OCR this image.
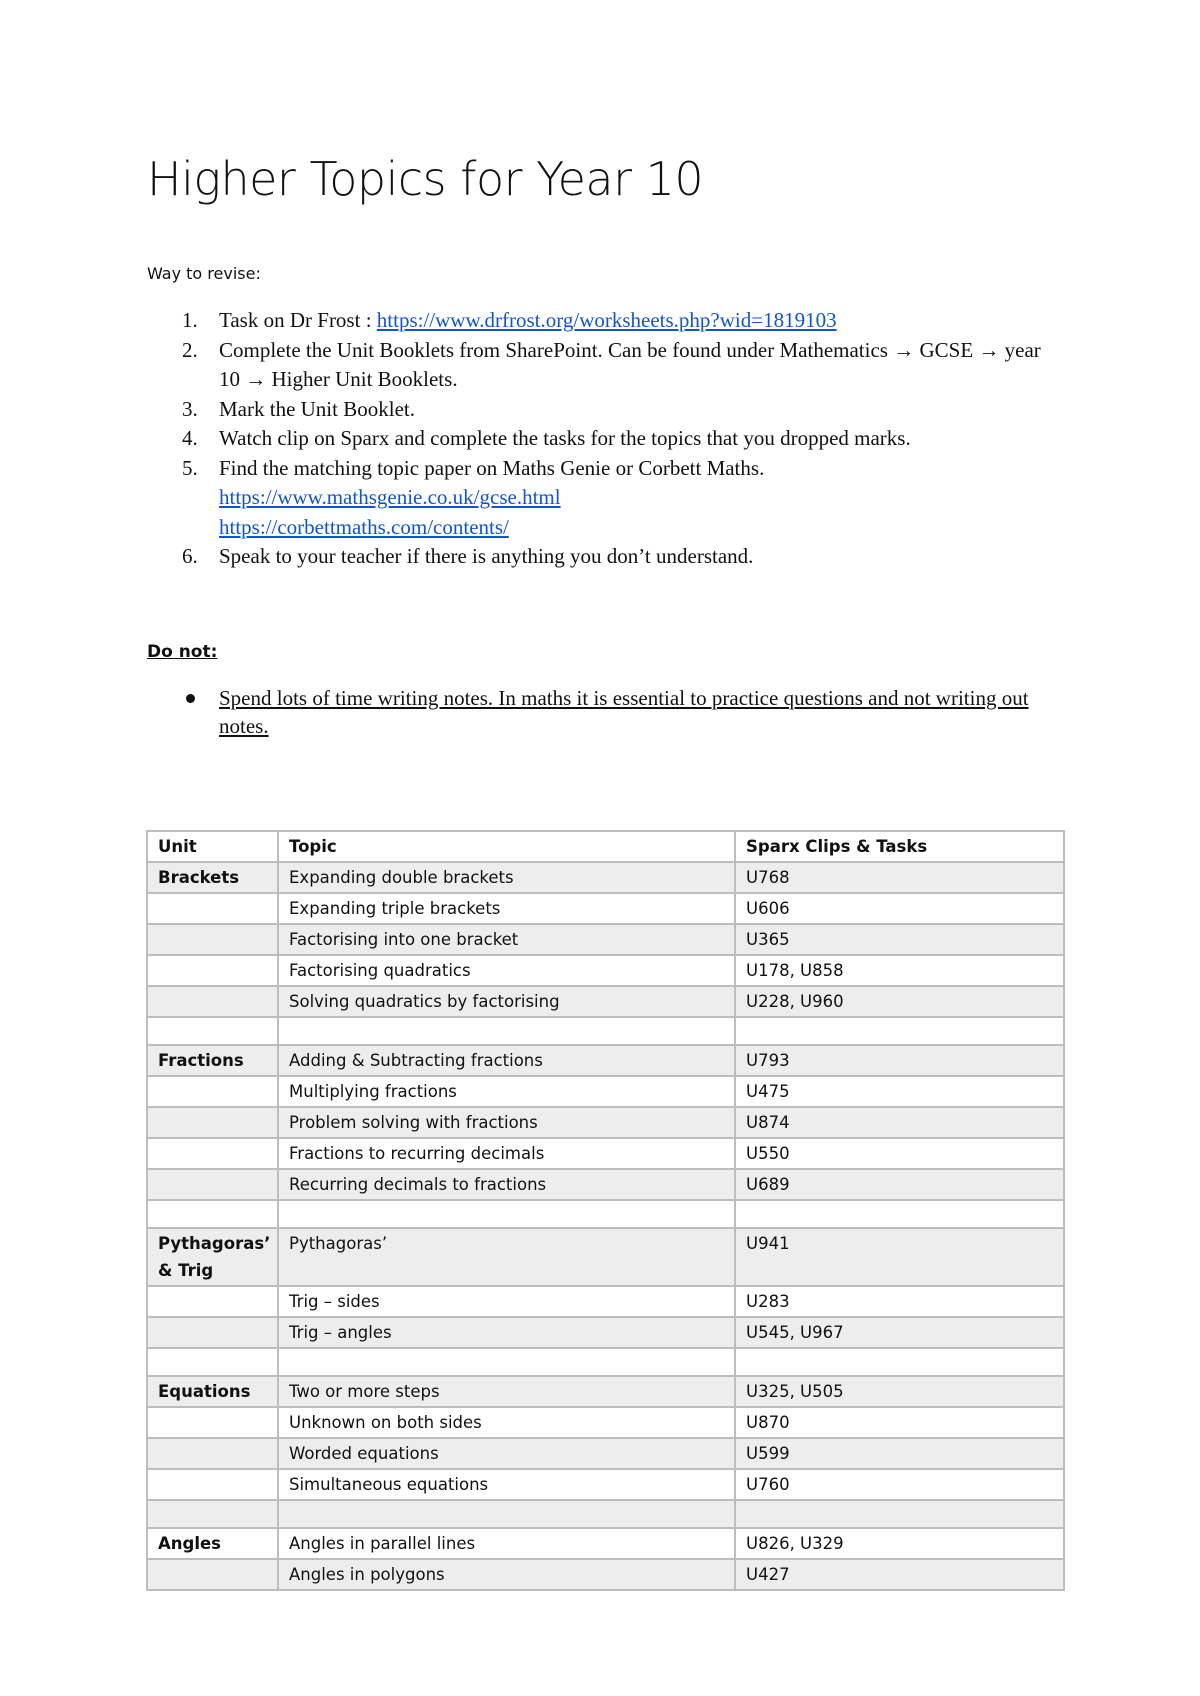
Higher Topics for Year 10
Way to revise:
1. Task on Dr Frost : https://www.drfrost.org/worksheets.php?wid=1819103
2. Complete the Unit Booklets from SharePoint. Can be found under Mathematics → GCSE → year 10 → Higher Unit Booklets.
3. Mark the Unit Booklet.
4. Watch clip on Sparx and complete the tasks for the topics that you dropped marks.
5. Find the matching topic paper on Maths Genie or Corbett Maths.
https://www.mathsgenie.co.uk/gcse.html
https://corbettmaths.com/contents/
6. Speak to your teacher if there is anything you don’t understand.
Do not:
Spend lots of time writing notes. In maths it is essential to practice questions and not writing out notes.
Unit	Topic	Sparx Clips & Tasks
Brackets	Expanding double brackets	U768
	Expanding triple brackets	U606
	Factorising into one bracket	U365
	Factorising quadratics	U178, U858
	Solving quadratics by factorising	U228, U960

Fractions	Adding & Subtracting fractions	U793
	Multiplying fractions	U475
	Problem solving with fractions	U874
	Fractions to recurring decimals	U550
	Recurring decimals to fractions	U689

Pythagoras’ & Trig	Pythagoras’	U941
	Trig – sides	U283
	Trig – angles	U545, U967

Equations	Two or more steps	U325, U505
	Unknown on both sides	U870
	Worded equations	U599
	Simultaneous equations	U760

Angles	Angles in parallel lines	U826, U329
	Angles in polygons	U427
